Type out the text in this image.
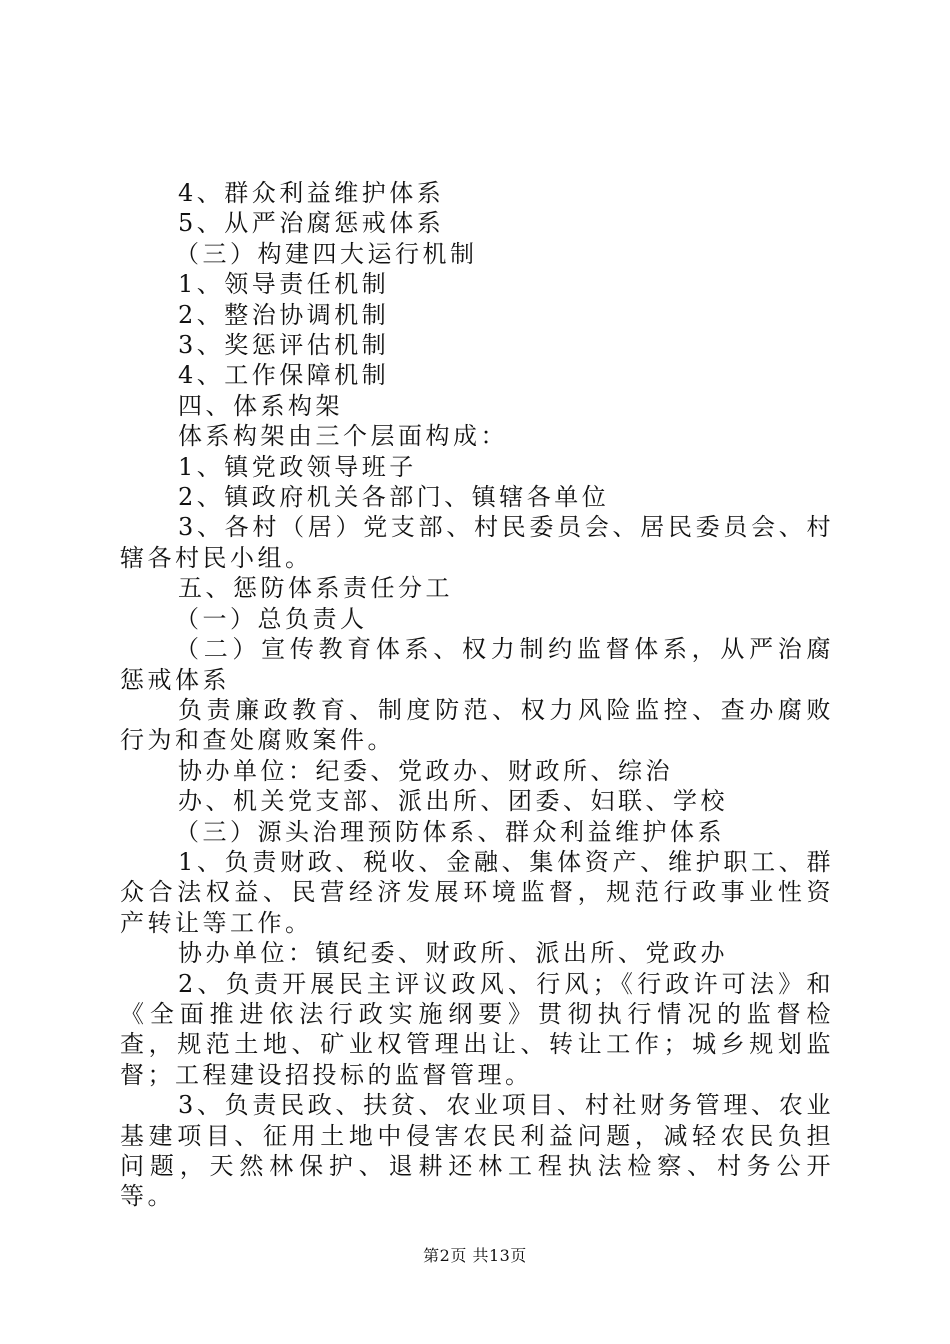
4、群众利益维护体系
5、从严治腐惩戒体系
（三）构建四大运行机制
1、领导责任机制
2、整治协调机制
3、奖惩评估机制
4、工作保障机制
四、体系构架
体系构架由三个层面构成：
1、镇党政领导班子
2、镇政府机关各部门、镇辖各单位
3、各村（居）党支部、村民委员会、居民委员会、村辖各村民小组。
五、惩防体系责任分工
（一）总负责人
（二）宣传教育体系、权力制约监督体系，从严治腐惩戒体系
负责廉政教育、制度防范、权力风险监控、查办腐败行为和查处腐败案件。
协办单位：纪委、党政办、财政所、综治
办、机关党支部、派出所、团委、妇联、学校
（三）源头治理预防体系、群众利益维护体系
1、负责财政、税收、金融、集体资产、维护职工、群众合法权益、民营经济发展环境监督，规范行政事业性资产转让等工作。
协办单位：镇纪委、财政所、派出所、党政办
2、负责开展民主评议政风、行风；《行政许可法》和《全面推进依法行政实施纲要》贯彻执行情况的监督检查，规范土地、矿业权管理出让、转让工作；城乡规划监督；工程建设招投标的监督管理。
3、负责民政、扶贫、农业项目、村社财务管理、农业基建项目、征用土地中侵害农民利益问题，减轻农民负担问题，天然林保护、退耕还林工程执法检察、村务公开等。
第2页 共13页
